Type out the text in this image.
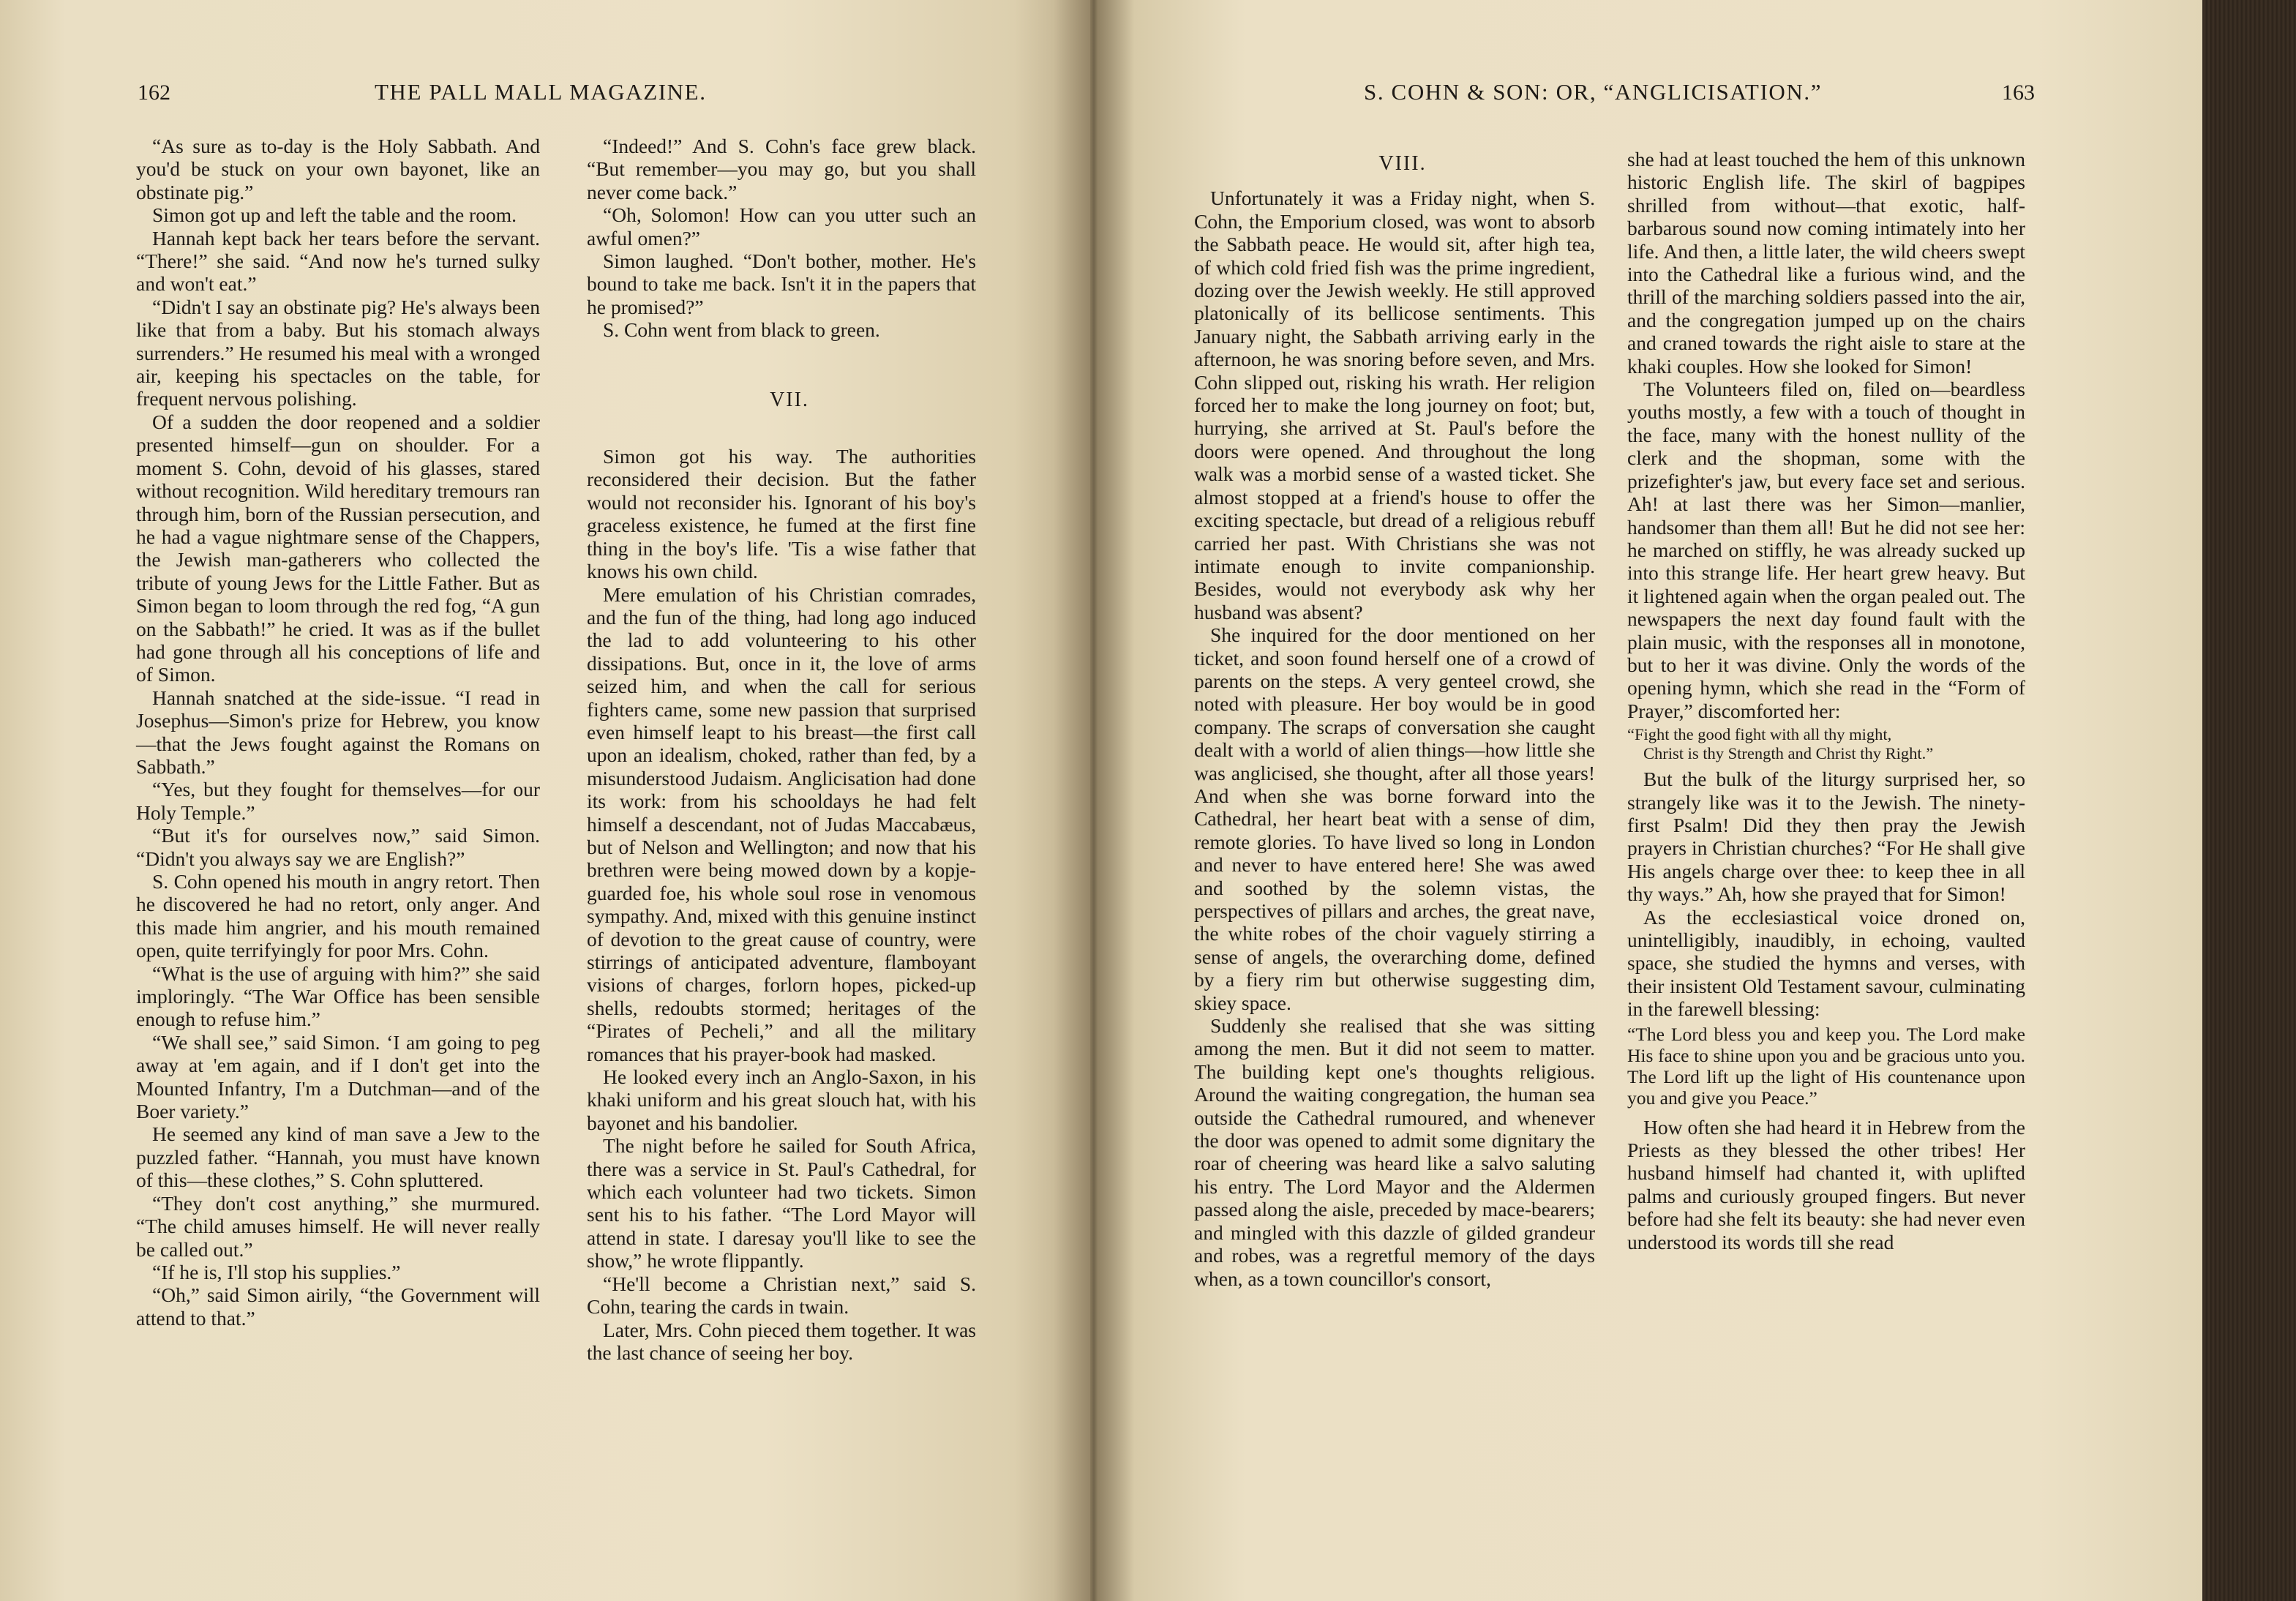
162	THE PALL MALL MAGAZINE.

“As sure as to-day is the Holy Sabbath. And you'd be stuck on your own bayonet, like an obstinate pig.”

Simon got up and left the table and the room.

Hannah kept back her tears before the servant. “There!” she said. “And now he's turned sulky and won't eat.”

“Didn't I say an obstinate pig? He's always been like that from a baby. But his stomach always surrenders.” He resumed his meal with a wronged air, keeping his spectacles on the table, for frequent nervous polishing.

Of a sudden the door reopened and a soldier presented himself—gun on shoulder. For a moment S. Cohn, devoid of his glasses, stared without recognition. Wild hereditary tremours ran through him, born of the Russian persecution, and he had a vague nightmare sense of the Chappers, the Jewish man-gatherers who collected the tribute of young Jews for the Little Father. But as Simon began to loom through the red fog, “A gun on the Sabbath!” he cried. It was as if the bullet had gone through all his conceptions of life and of Simon.

Hannah snatched at the side-issue. “I read in Josephus—Simon's prize for Hebrew, you know—that the Jews fought against the Romans on Sabbath.”

“Yes, but they fought for themselves—for our Holy Temple.”

“But it's for ourselves now,” said Simon. “Didn't you always say we are English?”

S. Cohn opened his mouth in angry retort. Then he discovered he had no retort, only anger. And this made him angrier, and his mouth remained open, quite terrifyingly for poor Mrs. Cohn.

“What is the use of arguing with him?” she said imploringly. “The War Office has been sensible enough to refuse him.”

“We shall see,” said Simon. ‘I am going to peg away at 'em again, and if I don't get into the Mounted Infantry, I'm a Dutchman—and of the Boer variety.”

He seemed any kind of man save a Jew to the puzzled father. “Hannah, you must have known of this—these clothes,” S. Cohn spluttered.

“They don't cost anything,” she murmured. “The child amuses himself. He will never really be called out.”

“If he is, I'll stop his supplies.”

“Oh,” said Simon airily, “the Government will attend to that.”

“Indeed!” And S. Cohn's face grew black. “But remember—you may go, but you shall never come back.”

“Oh, Solomon! How can you utter such an awful omen?”

Simon laughed. “Don't bother, mother. He's bound to take me back. Isn't it in the papers that he promised?”

S. Cohn went from black to green.

VII.

Simon got his way. The authorities reconsidered their decision. But the father would not reconsider his. Ignorant of his boy's graceless existence, he fumed at the first fine thing in the boy's life. 'Tis a wise father that knows his own child.

Mere emulation of his Christian comrades, and the fun of the thing, had long ago induced the lad to add volunteering to his other dissipations. But, once in it, the love of arms seized him, and when the call for serious fighters came, some new passion that surprised even himself leapt to his breast—the first call upon an idealism, choked, rather than fed, by a misunderstood Judaism. Anglicisation had done its work: from his schooldays he had felt himself a descendant, not of Judas Maccabæus, but of Nelson and Wellington; and now that his brethren were being mowed down by a kopje-guarded foe, his whole soul rose in venomous sympathy. And, mixed with this genuine instinct of devotion to the great cause of country, were stirrings of anticipated adventure, flamboyant visions of charges, forlorn hopes, picked-up shells, redoubts stormed; heritages of the “Pirates of Pecheli,” and all the military romances that his prayer-book had masked.

He looked every inch an Anglo-Saxon, in his khaki uniform and his great slouch hat, with his bayonet and his bandolier.

The night before he sailed for South Africa, there was a service in St. Paul's Cathedral, for which each volunteer had two tickets. Simon sent his to his father. “The Lord Mayor will attend in state. I daresay you'll like to see the show,” he wrote flippantly.

“He'll become a Christian next,” said S. Cohn, tearing the cards in twain.

Later, Mrs. Cohn pieced them together. It was the last chance of seeing her boy.

S. COHN & SON: OR, “ANGLICISATION.”	163

VIII.

Unfortunately it was a Friday night, when S. Cohn, the Emporium closed, was wont to absorb the Sabbath peace. He would sit, after high tea, of which cold fried fish was the prime ingredient, dozing over the Jewish weekly. He still approved platonically of its bellicose sentiments. This January night, the Sabbath arriving early in the afternoon, he was snoring before seven, and Mrs. Cohn slipped out, risking his wrath. Her religion forced her to make the long journey on foot; but, hurrying, she arrived at St. Paul's before the doors were opened. And throughout the long walk was a morbid sense of a wasted ticket. She almost stopped at a friend's house to offer the exciting spectacle, but dread of a religious rebuff carried her past. With Christians she was not intimate enough to invite companionship. Besides, would not everybody ask why her husband was absent?

She inquired for the door mentioned on her ticket, and soon found herself one of a crowd of parents on the steps. A very genteel crowd, she noted with pleasure. Her boy would be in good company. The scraps of conversation she caught dealt with a world of alien things—how little she was anglicised, she thought, after all those years! And when she was borne forward into the Cathedral, her heart beat with a sense of dim, remote glories. To have lived so long in London and never to have entered here! She was awed and soothed by the solemn vistas, the perspectives of pillars and arches, the great nave, the white robes of the choir vaguely stirring a sense of angels, the overarching dome, defined by a fiery rim but otherwise suggesting dim, skiey space.

Suddenly she realised that she was sitting among the men. But it did not seem to matter. The building kept one's thoughts religious. Around the waiting congregation, the human sea outside the Cathedral rumoured, and whenever the door was opened to admit some dignitary the roar of cheering was heard like a salvo saluting his entry. The Lord Mayor and the Aldermen passed along the aisle, preceded by mace-bearers; and mingled with this dazzle of gilded grandeur and robes, was a regretful memory of the days when, as a town councillor's consort,

she had at least touched the hem of this unknown historic English life. The skirl of bagpipes shrilled from without—that exotic, half-barbarous sound now coming intimately into her life. And then, a little later, the wild cheers swept into the Cathedral like a furious wind, and the thrill of the marching soldiers passed into the air, and the congregation jumped up on the chairs and craned towards the right aisle to stare at the khaki couples. How she looked for Simon!

The Volunteers filed on, filed on—beardless youths mostly, a few with a touch of thought in the face, many with the honest nullity of the clerk and the shopman, some with the prizefighter's jaw, but every face set and serious. Ah! at last there was her Simon—manlier, handsomer than them all! But he did not see her: he marched on stiffly, he was already sucked up into this strange life. Her heart grew heavy. But it lightened again when the organ pealed out. The newspapers the next day found fault with the plain music, with the responses all in monotone, but to her it was divine. Only the words of the opening hymn, which she read in the “Form of Prayer,” discomforted her:

“Fight the good fight with all thy might,
Christ is thy Strength and Christ thy Right.”

But the bulk of the liturgy surprised her, so strangely like was it to the Jewish. The ninety-first Psalm! Did they then pray the Jewish prayers in Christian churches? “For He shall give His angels charge over thee: to keep thee in all thy ways.” Ah, how she prayed that for Simon!

As the ecclesiastical voice droned on, unintelligibly, inaudibly, in echoing, vaulted space, she studied the hymns and verses, with their insistent Old Testament savour, culminating in the farewell blessing:

“The Lord bless you and keep you. The Lord make His face to shine upon you and be gracious unto you. The Lord lift up the light of His countenance upon you and give you Peace.”

How often she had heard it in Hebrew from the Priests as they blessed the other tribes! Her husband himself had chanted it, with uplifted palms and curiously grouped fingers. But never before had she felt its beauty: she had never even understood its words till she read
